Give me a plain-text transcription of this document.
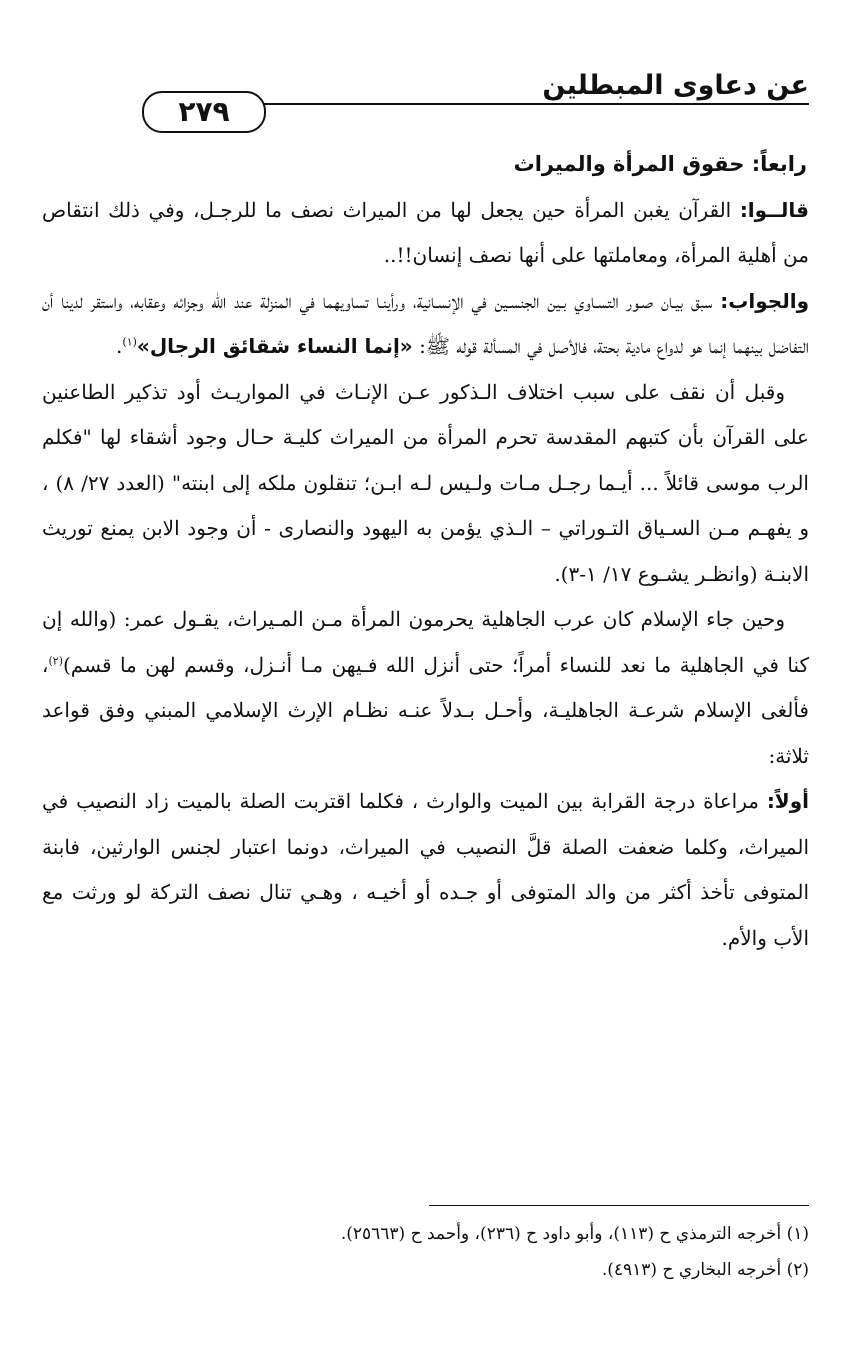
عن دعاوى المبطلين
٢٧٩

رابعاً: حقوق المرأة والميراث

قالــوا: القرآن يغبن المرأة حين يجعل لها من الميراث نصف ما للرجـل، وفي ذلك انتقاص من أهلية المرأة، ومعاملتها على أنها نصف إنسان!!..

والجواب: سبق بيـان صـور التسـاوي بـين الجنسـين في الإنسـانية، ورأينـا تساويهما في المنزلة عند الله وجزائه وعقابه، واستقر لدينا أن التفاضل بينهما إنما هو لدواع مادية بحتة، فالأصل في المسألة قوله ﷺ: «إنما النساء شقائق الرجال»$^{(١)}$.

وقبل أن نقف على سبب اختلاف الـذكور عـن الإنـاث في المواريـث أود تذكير الطاعنين على القرآن بأن كتبهم المقدسة تحرم المرأة من الميراث كليـة حـال وجود أشقاء لها "فكلم الرب موسى قائلاً ... أيـما رجـل مـات ولـيس لـه ابـن؛ تنقلون ملكه إلى ابنته" (العدد ٢٧/ ٨) ، و يفهـم مـن السـياق التـوراتي – الـذي يؤمن به اليهود والنصارى - أن وجود الابن يمنع توريث الابنـة (وانظـر يشـوع ١٧/ ١-٣).

وحين جاء الإسلام كان عرب الجاهلية يحرمون المرأة مـن المـيراث، يقـول عمر: (والله إن كنا في الجاهلية ما نعد للنساء أمراً؛ حتى أنزل الله فـيهن مـا أنـزل، وقسم لهن ما قسم)$^{(٢)}$، فألغى الإسلام شرعـة الجاهليـة، وأحـل بـدلاً عنـه نظـام الإرث الإسلامي المبني وفق قواعد ثلاثة:

أولاً: مراعاة درجة القرابة بين الميت والوارث ، فكلما اقتربت الصلة بالميت زاد النصيب في الميراث، وكلما ضعفت الصلة قلَّ النصيب في الميراث، دونما اعتبار لجنس الوارثين، فابنة المتوفى تأخذ أكثر من والد المتوفى أو جـده أو أخيـه ، وهـي تنال نصف التركة لو ورثت مع الأب والأم.

(١) أخرجه الترمذي ح (١١٣)، وأبو داود ح (٢٣٦)، وأحمد ح (٢٥٦٦٣).

(٢) أخرجه البخاري ح (٤٩١٣).
